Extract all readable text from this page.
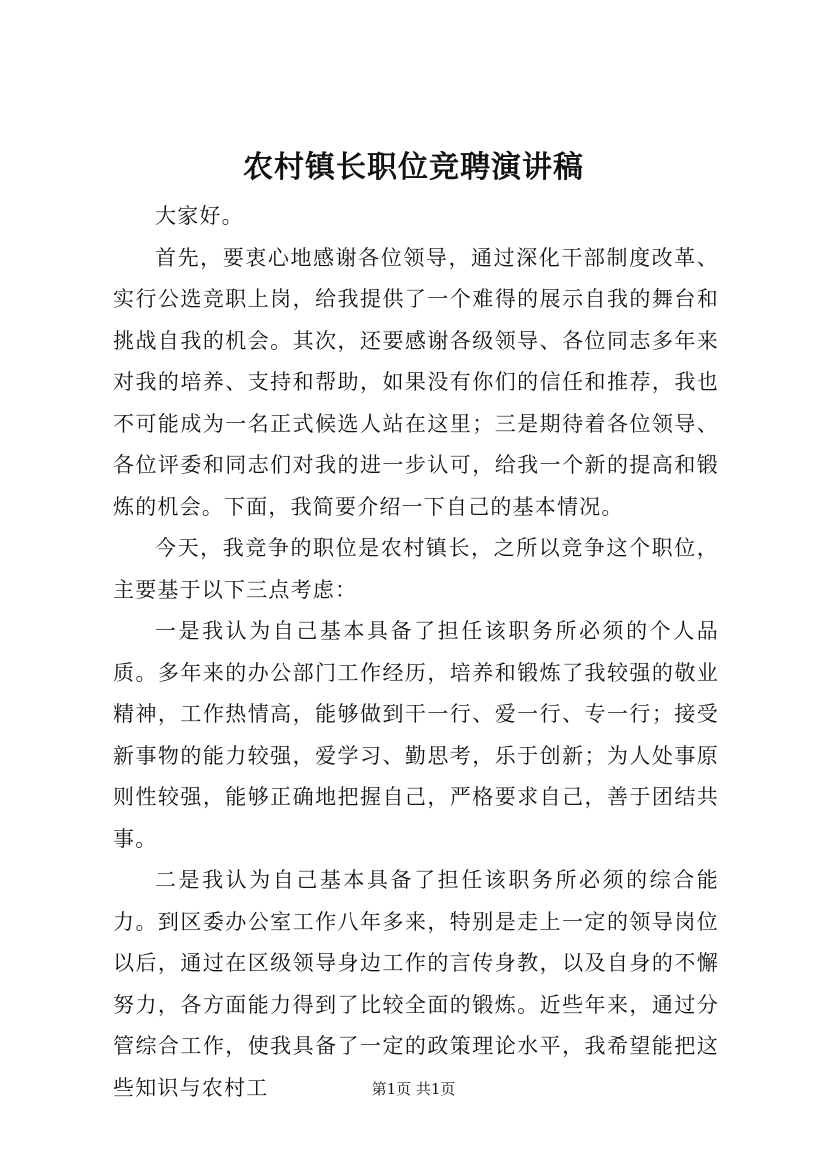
农村镇长职位竞聘演讲稿

大家好。

首先，要衷心地感谢各位领导，通过深化干部制度改革、实行公选竞职上岗，给我提供了一个难得的展示自我的舞台和挑战自我的机会。其次，还要感谢各级领导、各位同志多年来对我的培养、支持和帮助，如果没有你们的信任和推荐，我也不可能成为一名正式候选人站在这里；三是期待着各位领导、各位评委和同志们对我的进一步认可，给我一个新的提高和锻炼的机会。下面，我简要介绍一下自己的基本情况。

今天，我竞争的职位是农村镇长，之所以竞争这个职位，主要基于以下三点考虑：

一是我认为自己基本具备了担任该职务所必须的个人品质。多年来的办公部门工作经历，培养和锻炼了我较强的敬业精神，工作热情高，能够做到干一行、爱一行、专一行；接受新事物的能力较强，爱学习、勤思考，乐于创新；为人处事原则性较强，能够正确地把握自己，严格要求自己，善于团结共事。

二是我认为自己基本具备了担任该职务所必须的综合能力。到区委办公室工作八年多来，特别是走上一定的领导岗位以后，通过在区级领导身边工作的言传身教，以及自身的不懈努力，各方面能力得到了比较全面的锻炼。近些年来，通过分管综合工作，使我具备了一定的政策理论水平，我希望能把这些知识与农村工	第1页 共1页
